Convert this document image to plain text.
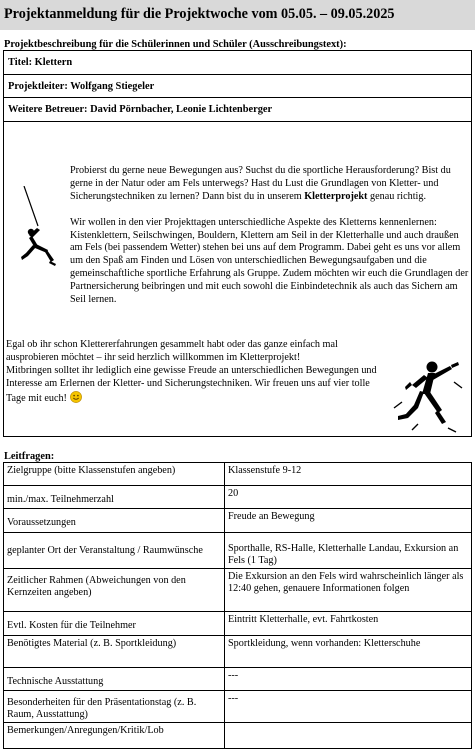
Projektanmeldung für die Projektwoche vom 05.05. – 09.05.2025
Projektbeschreibung für die Schülerinnen und Schüler (Ausschreibungstext):
Titel: Klettern
Projektleiter: Wolfgang Stiegeler
Weitere Betreuer: David Pörnbacher, Leonie Lichtenberger

Probierst du gerne neue Bewegungen aus? Suchst du die sportliche Herausforderung? Bist du gerne in der Natur oder am Fels unterwegs? Hast du Lust die Grundlagen von Kletter- und Sicherungstechniken zu lernen? Dann bist du in unserem Kletterprojekt genau richtig.

Wir wollen in den vier Projekttagen unterschiedliche Aspekte des Kletterns kennenlernen: Kistenklettern, Seilschwingen, Bouldern, Klettern am Seil in der Kletterhalle und auch draußen am Fels (bei passendem Wetter) stehen bei uns auf dem Programm. Dabei geht es uns vor allem um den Spaß am Finden und Lösen von unterschiedlichen Bewegungsaufgaben und die gemeinschaftliche sportliche Erfahrung als Gruppe. Zudem möchten wir euch die Grundlagen der Partnersicherung beibringen und mit euch sowohl die Einbindetechnik als auch das Sichern am Seil lernen.

Egal ob ihr schon Klettererfahrungen gesammelt habt oder das ganze einfach mal ausprobieren möchtet – ihr seid herzlich willkommen im Kletterprojekt!

Mitbringen solltet ihr lediglich eine gewisse Freude an unterschiedlichen Bewegungen und Interesse am Erlernen der Kletter- und Sicherungstechniken. Wir freuen uns auf vier tolle Tage mit euch!

Leitfragen:
Zielgruppe (bitte Klassenstufen angeben)	Klassenstufe 9-12
min./max. Teilnehmerzahl	20
Voraussetzungen	Freude an Bewegung
geplanter Ort der Veranstaltung / Raumwünsche	Sporthalle, RS-Halle, Kletterhalle Landau, Exkursion an Fels (1 Tag)
Zeitlicher Rahmen (Abweichungen von den Kernzeiten angeben)	Die Exkursion an den Fels wird wahrscheinlich länger als 12:40 gehen, genauere Informationen folgen
Evtl. Kosten für die Teilnehmer	Eintritt Kletterhalle, evt. Fahrtkosten
Benötigtes Material (z. B. Sportkleidung)	Sportkleidung, wenn vorhanden: Kletterschuhe
Technische Ausstattung	---
Besonderheiten für den Präsentationstag (z. B. Raum, Ausstattung)	---
Bemerkungen/Anregungen/Kritik/Lob	
